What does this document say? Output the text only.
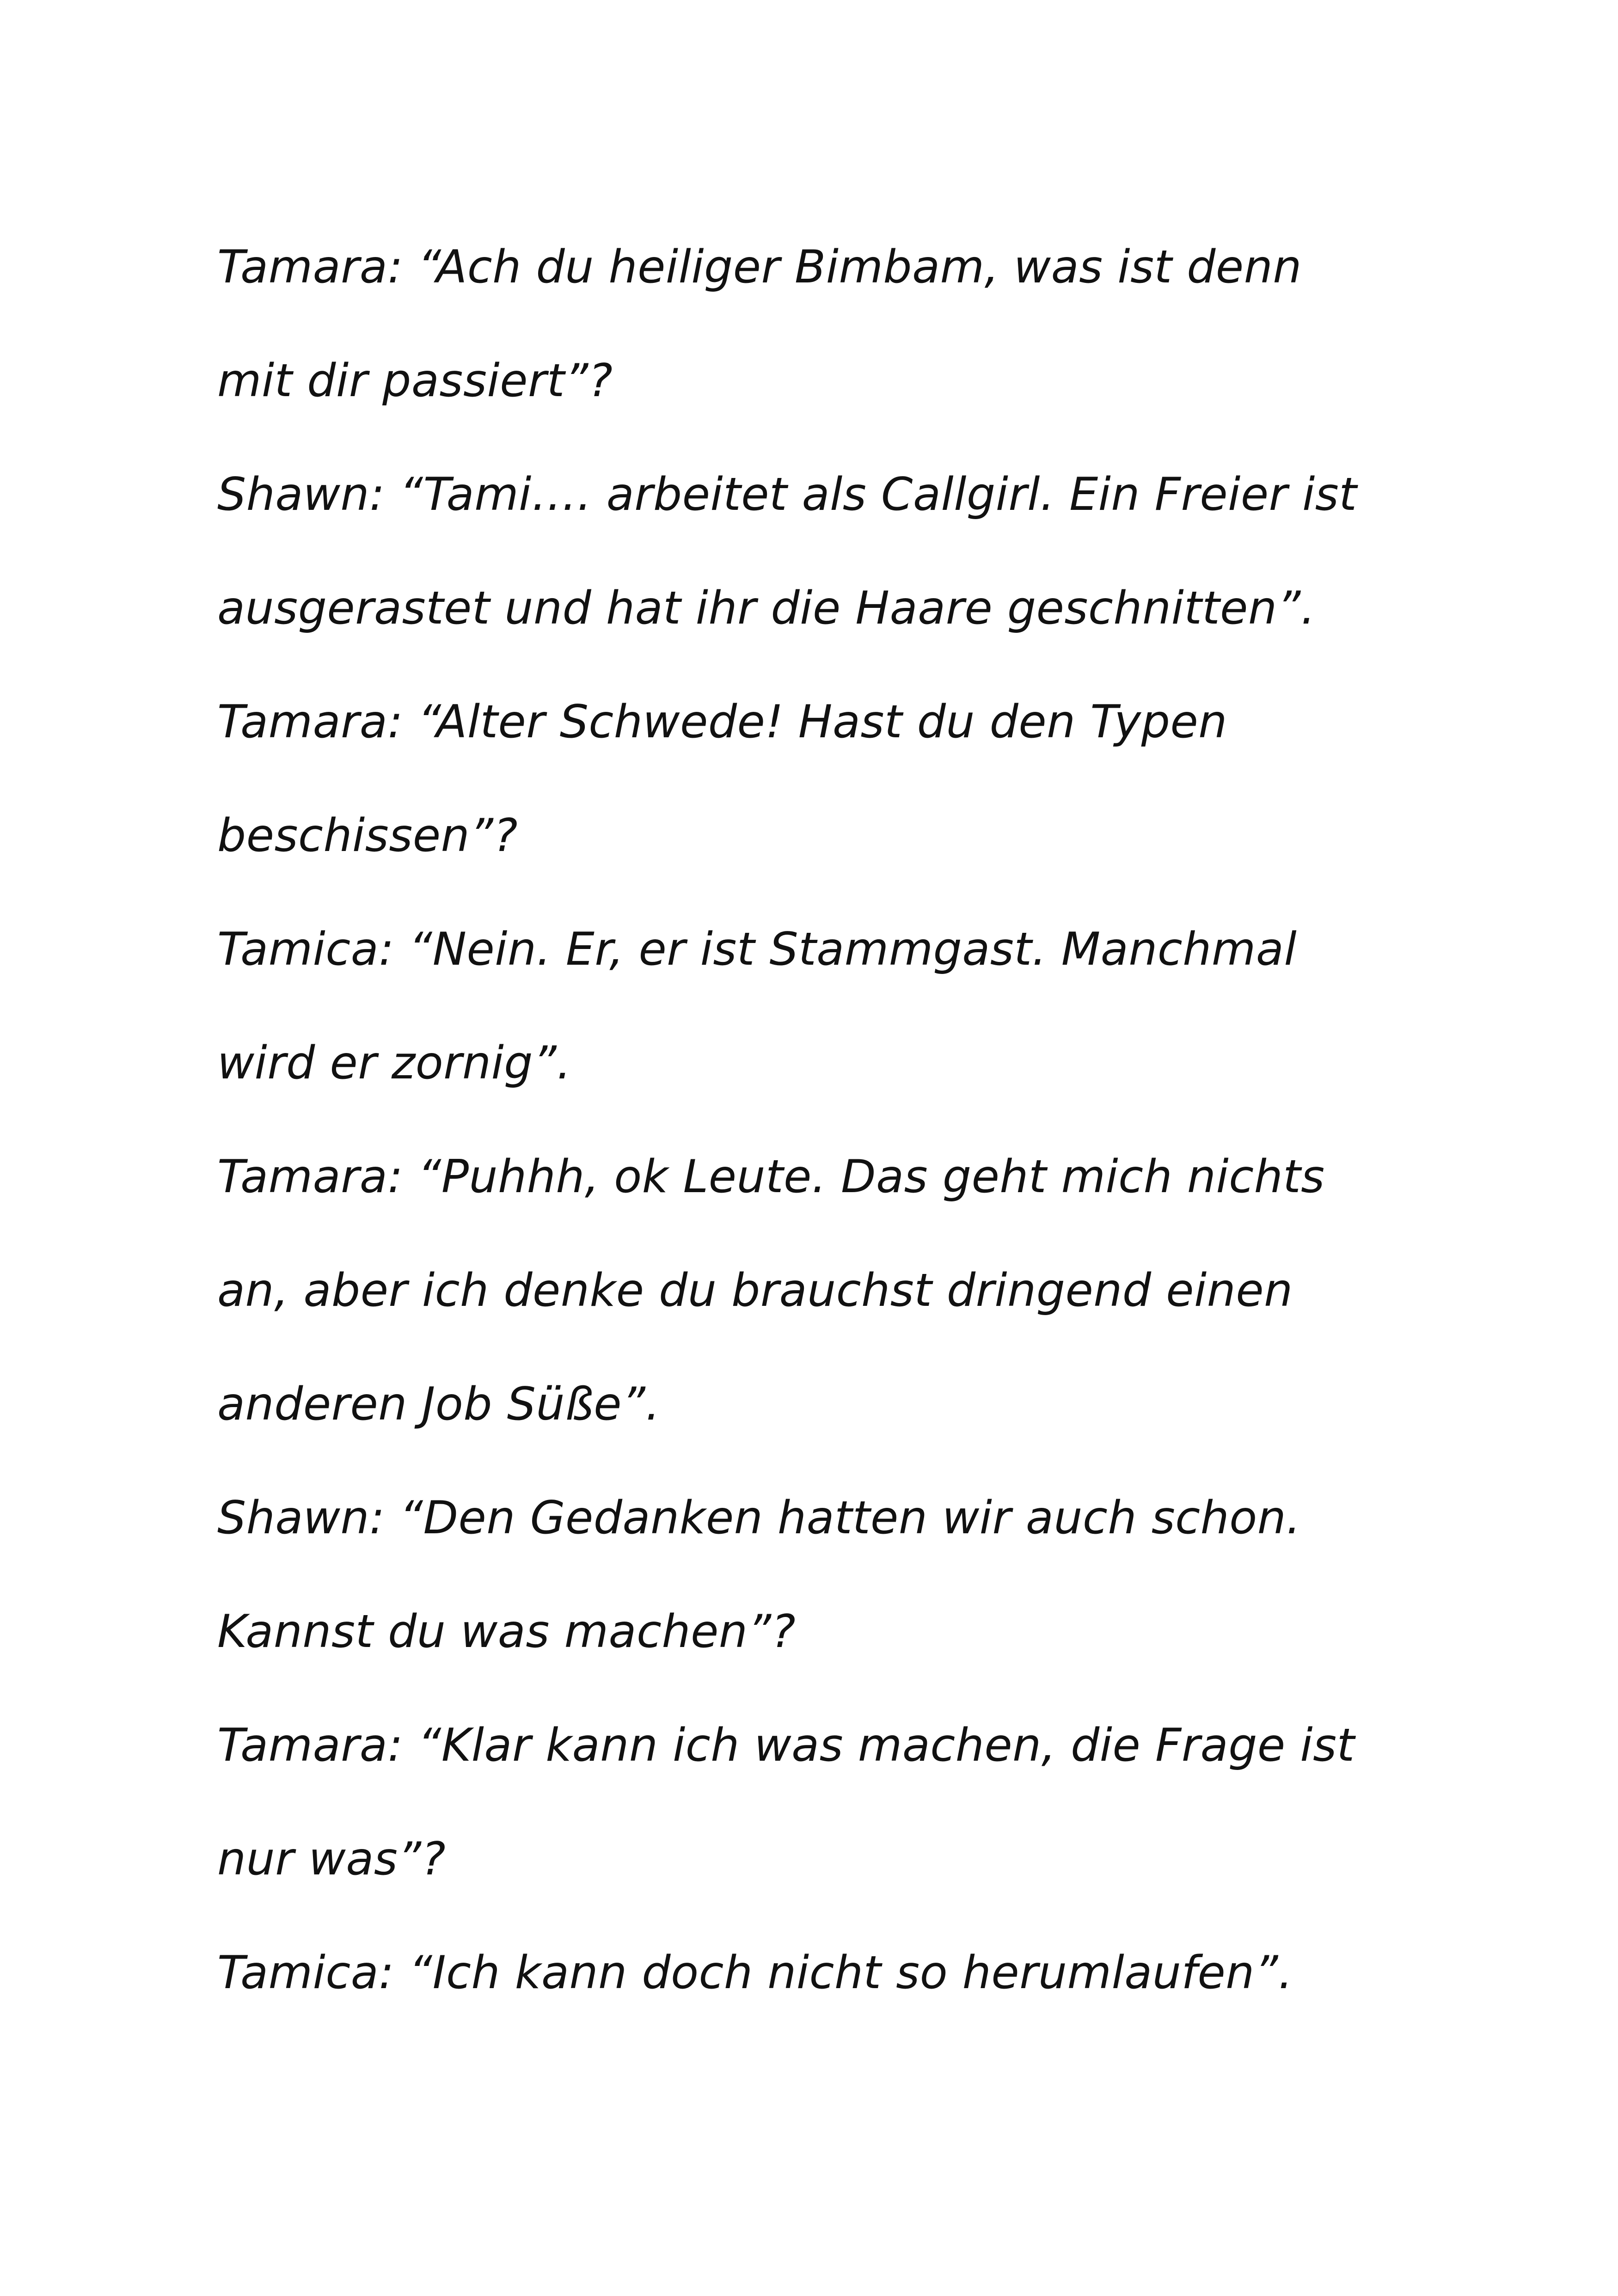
Tamara: “Ach du heiliger Bimbam, was ist denn
mit dir passiert”?
Shawn: “Tami…. arbeitet als Callgirl. Ein Freier ist
ausgerastet und hat ihr die Haare geschnitten”.
Tamara: “Alter Schwede! Hast du den Typen
beschissen”?
Tamica: “Nein. Er, er ist Stammgast. Manchmal
wird er zornig”.
Tamara: “Puhhh, ok Leute. Das geht mich nichts
an, aber ich denke du brauchst dringend einen
anderen Job Süße”.
Shawn: “Den Gedanken hatten wir auch schon.
Kannst du was machen”?
Tamara: “Klar kann ich was machen, die Frage ist
nur was”?
Tamica: “Ich kann doch nicht so herumlaufen”.
